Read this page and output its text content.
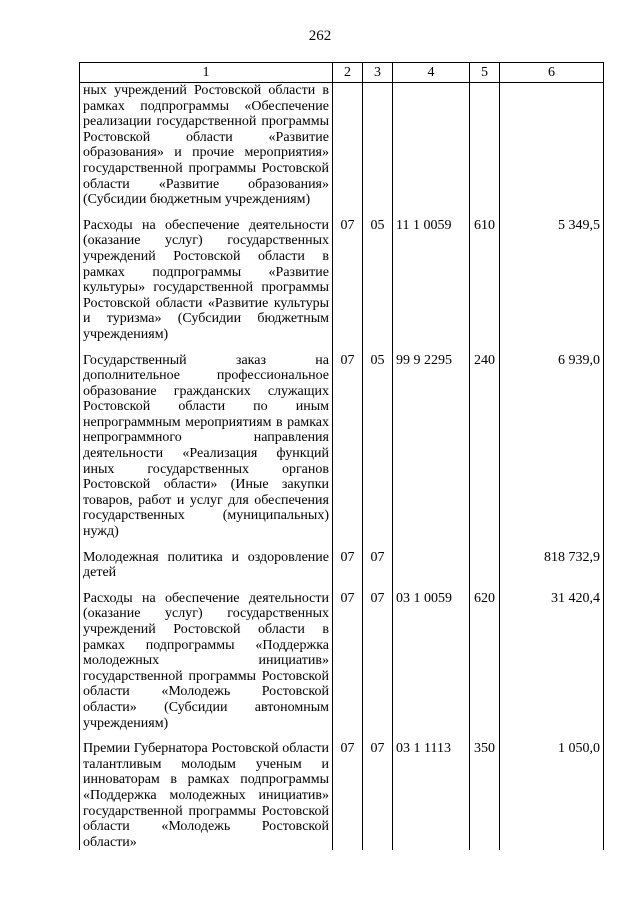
262
1	2	3	4	5	6
ных учреждений Ростовской области в рамках подпрограммы «Обеспечение реализации государственной программы Ростовской области «Развитие образования» и прочие мероприятия» государственной программы Ростовской области «Развитие образования» (Субсидии бюджетным учреждениям)					

Расходы на обеспечение деятельности (оказание услуг) государственных учреждений Ростовской области в рамках подпрограммы «Развитие культуры» государственной программы Ростовской области «Развитие культуры и туризма» (Субсидии бюджетным учреждениям)	07	05	11 1 0059	610	5 349,5

Государственный заказ на дополнительное профессиональное образование гражданских служащих Ростовской области по иным непрограммным мероприятиям в рамках непрограммного направления деятельности «Реализация функций иных государственных органов Ростовской области» (Иные закупки товаров, работ и услуг для обеспечения государственных (муниципальных) нужд)	07	05	99 9 2295	240	6 939,0

Молодежная политика и оздоровление детей	07	07			818 732,9

Расходы на обеспечение деятельности (оказание услуг) государственных учреждений Ростовской области в рамках подпрограммы «Поддержка молодежных инициатив» государственной программы Ростовской области «Молодежь Ростовской области» (Субсидии автономным учреждениям)	07	07	03 1 0059	620	31 420,4

Премии Губернатора Ростовской области талантливым молодым ученым и инноваторам в рамках подпрограммы «Поддержка молодежных инициатив» государственной программы Ростовской области «Молодежь Ростовской области»	07	07	03 1 1113	350	1 050,0
